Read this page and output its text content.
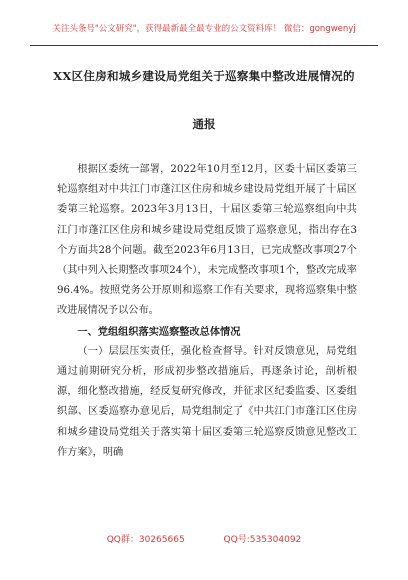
关注头条号"公文研究"，获得最新最全最专业的公文资料库！ 微信：gongwenyj
XX区住房和城乡建设局党组关于巡察集中整改进展情况的
通报

根据区委统一部署，2022年10月至12月，区委十届区委第三轮巡察组对中共江门市蓬江区住房和城乡建设局党组开展了十届区委第三轮巡察。2023年3月13日，十届区委第三轮巡察组向中共江门市蓬江区住房和城乡建设局党组反馈了巡察意见，指出存在3个方面共28个问题。截至2023年6月13日，已完成整改事项27个（其中列入长期整改事项24个），未完成整改事项1个，整改完成率96.4%。按照党务公开原则和巡察工作有关要求，现将巡察集中整改进展情况予以公布。

一、党组组织落实巡察整改总体情况

（一）层层压实责任，强化检查督导。针对反馈意见，局党组通过前期研究分析，形成初步整改措施后，再逐条讨论，剖析根源，细化整改措施，经反复研究修改，并征求区纪委监委、区委组织部、区委巡察办意见后，局党组制定了《中共江门市蓬江区住房和城乡建设局党组关于落实第十届区委第三轮巡察反馈意见整改工作方案》，明确

QQ群：30265665	QQ号:535304092
